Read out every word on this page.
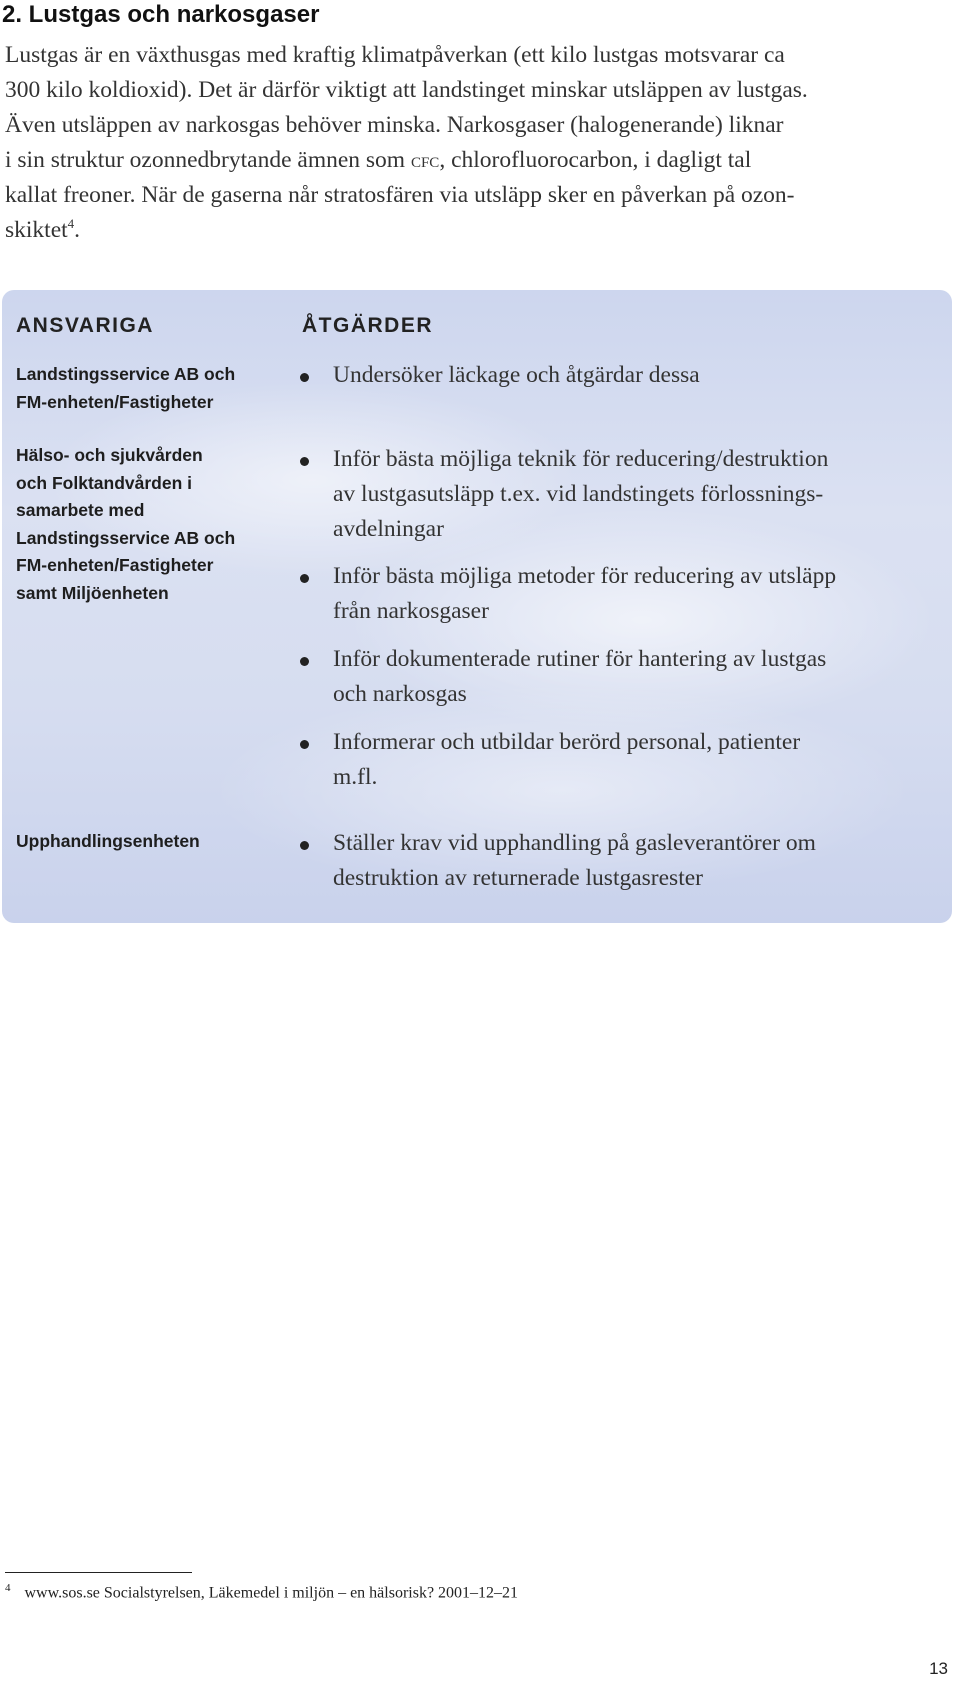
2. Lustgas och narkosgaser
Lustgas är en växthusgas med kraftig klimatpåverkan (ett kilo lustgas motsvarar ca
300 kilo koldioxid). Det är därför viktigt att landstinget minskar utsläppen av lustgas.
Även utsläppen av narkosgas behöver minska. Narkosgaser (halogenerande) liknar
i sin struktur ozonnedbrytande ämnen som cfc, chlorofluorocarbon, i dagligt tal
kallat freoner. När de gaserna når stratosfären via utsläpp sker en påverkan på ozon-
skiktet$^4$.
ANSVARIGA	ÅTGÄRDER
Landstingsservice AB och
FM-enheten/Fastigheter
Undersöker läckage och åtgärdar dessa
Hälso- och sjukvården
och Folktandvården i
samarbete med
Landstingsservice AB och
FM-enheten/Fastigheter
samt Miljöenheten
Inför bästa möjliga teknik för reducering/destruktion
av lustgasutsläpp t.ex. vid landstingets förlossnings-
avdelningar
Inför bästa möjliga metoder för reducering av utsläpp
från narkosgaser
Inför dokumenterade rutiner för hantering av lustgas
och narkosgas
Informerar och utbildar berörd personal, patienter
m.fl.
Upphandlingsenheten	Ställer krav vid upphandling på gasleverantörer om
destruktion av returnerade lustgasrester
$^4$ www.sos.se Socialstyrelsen, Läkemedel i miljön – en hälsorisk? 2001–12–21
13
